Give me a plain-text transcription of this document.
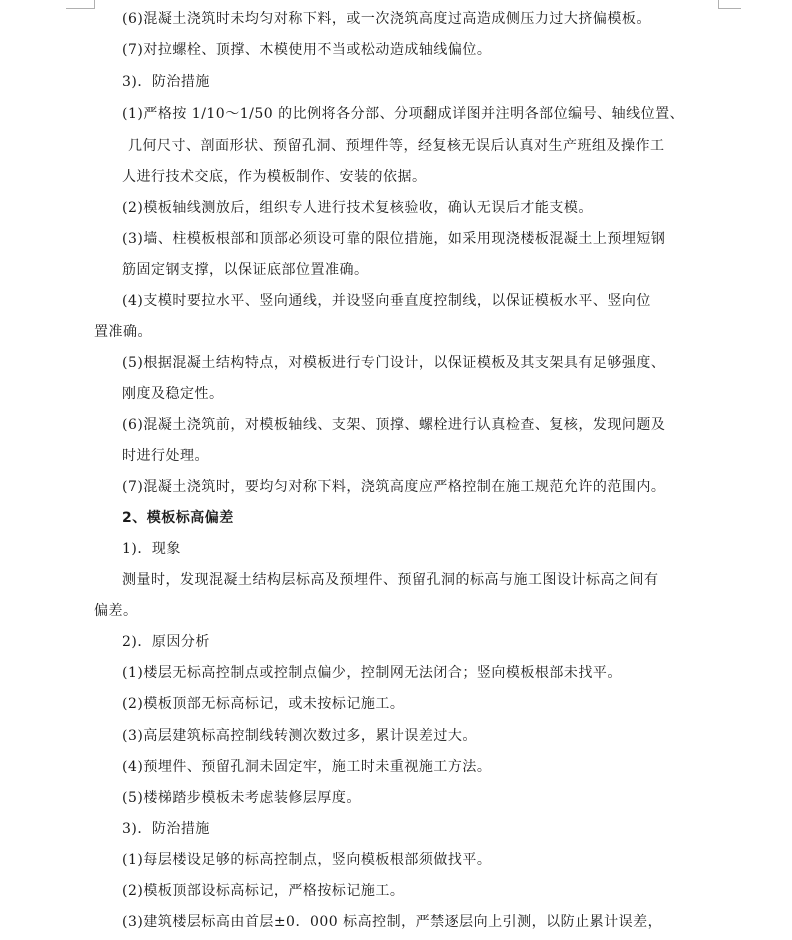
(6)混凝土浇筑时未均匀对称下料，或一次浇筑高度过高造成侧压力过大挤偏模板。
(7)对拉螺栓、顶撑、木模使用不当或松动造成轴线偏位。
3)．防治措施
(1)严格按 1/10～1/50 的比例将各分部、分项翻成详图并注明各部位编号、轴线位置、
几何尺寸、剖面形状、预留孔洞、预埋件等，经复核无误后认真对生产班组及操作工
人进行技术交底，作为模板制作、安装的依据。
(2)模板轴线测放后，组织专人进行技术复核验收，确认无误后才能支模。
(3)墙、柱模板根部和顶部必须设可靠的限位措施，如采用现浇楼板混凝土上预埋短钢
筋固定钢支撑，以保证底部位置准确。
(4)支模时要拉水平、竖向通线，并设竖向垂直度控制线，以保证模板水平、竖向位
置准确。
(5)根据混凝土结构特点，对模板进行专门设计，以保证模板及其支架具有足够强度、
刚度及稳定性。
(6)混凝土浇筑前，对模板轴线、支架、顶撑、螺栓进行认真检查、复核，发现问题及
时进行处理。
(7)混凝土浇筑时，要均匀对称下料，浇筑高度应严格控制在施工规范允许的范围内。
2、模板标高偏差
1)．现象
测量时，发现混凝土结构层标高及预埋件、预留孔洞的标高与施工图设计标高之间有
偏差。
2)．原因分析
(1)楼层无标高控制点或控制点偏少，控制网无法闭合；竖向模板根部未找平。
(2)模板顶部无标高标记，或未按标记施工。
(3)高层建筑标高控制线转测次数过多，累计误差过大。
(4)预埋件、预留孔洞未固定牢，施工时未重视施工方法。
(5)楼梯踏步模板未考虑装修层厚度。
3)．防治措施
(1)每层楼设足够的标高控制点，竖向模板根部须做找平。
(2)模板顶部设标高标记，严格按标记施工。
(3)建筑楼层标高由首层±0．000 标高控制，严禁逐层向上引测，以防止累计误差，
